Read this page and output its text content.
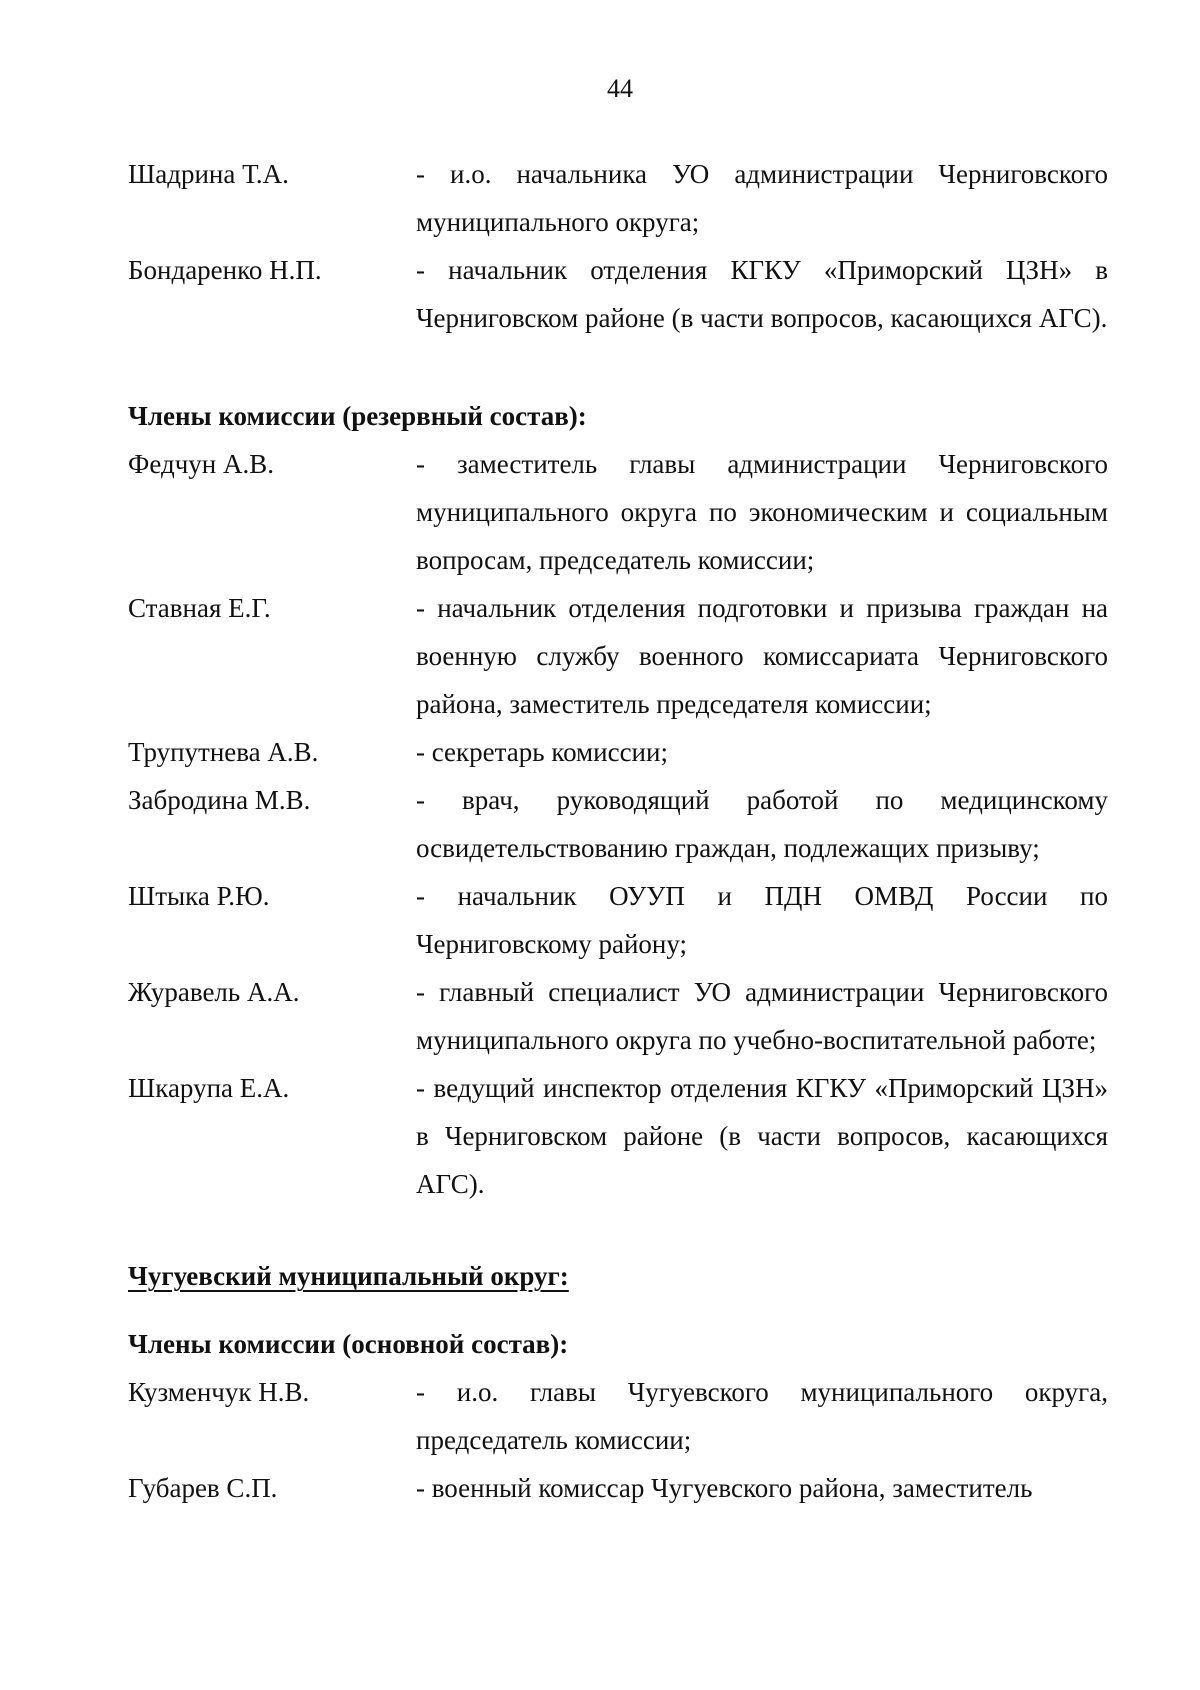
44
Шадрина Т.А.	- и.о. начальника УО администрации Черниговского муниципального округа;
Бондаренко Н.П.	- начальник отделения КГКУ «Приморский ЦЗН» в Черниговском районе (в части вопросов, касающихся АГС).
Члены комиссии (резервный состав):
Федчун А.В.	- заместитель главы администрации Черниговского муниципального округа по экономическим и социальным вопросам, председатель комиссии;
Ставная Е.Г.	- начальник отделения подготовки и призыва граждан на военную службу военного комиссариата Черниговского района, заместитель председателя комиссии;
Трупутнева А.В.	- секретарь комиссии;
Забродина М.В.	- врач, руководящий работой по медицинскому освидетельствованию граждан, подлежащих призыву;
Штыка Р.Ю.	- начальник ОУУП и ПДН ОМВД России по Черниговскому району;
Журавель А.А.	- главный специалист УО администрации Черниговского муниципального округа по учебно-воспитательной работе;
Шкарупа Е.А.	- ведущий инспектор отделения КГКУ «Приморский ЦЗН» в Черниговском районе (в части вопросов, касающихся АГС).
Чугуевский муниципальный округ:
Члены комиссии (основной состав):
Кузменчук Н.В.	- и.о. главы Чугуевского муниципального округа, председатель комиссии;
Губарев С.П.	- военный комиссар Чугуевского района, заместитель
